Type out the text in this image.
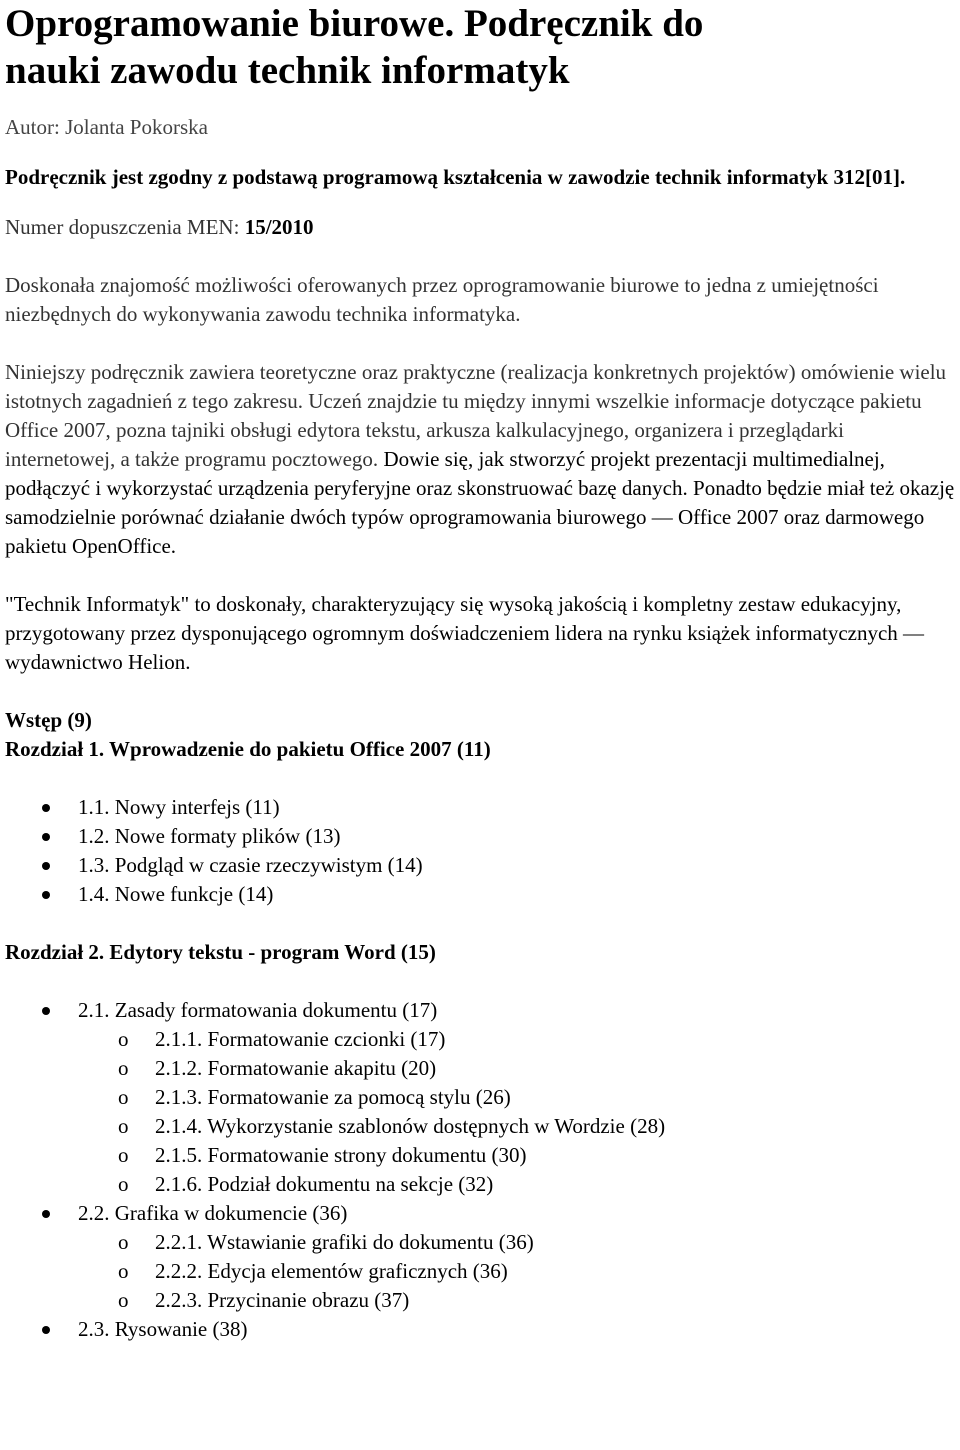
Oprogramowanie biurowe. Podręcznik do
nauki zawodu technik informatyk
Autor: Jolanta Pokorska
Podręcznik jest zgodny z podstawą programową kształcenia w zawodzie technik informatyk 312[01].
Numer dopuszczenia MEN: 15/2010
Doskonała znajomość możliwości oferowanych przez oprogramowanie biurowe to jedna z umiejętności niezbędnych do wykonywania zawodu technika informatyka.
Niniejszy podręcznik zawiera teoretyczne oraz praktyczne (realizacja konkretnych projektów) omówienie wielu istotnych zagadnień z tego zakresu. Uczeń znajdzie tu między innymi wszelkie informacje dotyczące pakietu Office 2007, pozna tajniki obsługi edytora tekstu, arkusza kalkulacyjnego, organizera i przeglądarki internetowej, a także programu pocztowego. Dowie się, jak stworzyć projekt prezentacji multimedialnej, podłączyć i wykorzystać urządzenia peryferyjne oraz skonstruować bazę danych. Ponadto będzie miał też okazję samodzielnie porównać działanie dwóch typów oprogramowania biurowego — Office 2007 oraz darmowego pakietu OpenOffice.
"Technik Informatyk" to doskonały, charakteryzujący się wysoką jakością i kompletny zestaw edukacyjny, przygotowany przez dysponującego ogromnym doświadczeniem lidera na rynku książek informatycznych — wydawnictwo Helion.
Wstęp (9)
Rozdział 1. Wprowadzenie do pakietu Office 2007 (11)
1.1. Nowy interfejs (11)
1.2. Nowe formaty plików (13)
1.3. Podgląd w czasie rzeczywistym (14)
1.4. Nowe funkcje (14)
Rozdział 2. Edytory tekstu - program Word (15)
2.1. Zasady formatowania dokumentu (17)
o 2.1.1. Formatowanie czcionki (17)
o 2.1.2. Formatowanie akapitu (20)
o 2.1.3. Formatowanie za pomocą stylu (26)
o 2.1.4. Wykorzystanie szablonów dostępnych w Wordzie (28)
o 2.1.5. Formatowanie strony dokumentu (30)
o 2.1.6. Podział dokumentu na sekcje (32)
2.2. Grafika w dokumencie (36)
o 2.2.1. Wstawianie grafiki do dokumentu (36)
o 2.2.2. Edycja elementów graficznych (36)
o 2.2.3. Przycinanie obrazu (37)
2.3. Rysowanie (38)
